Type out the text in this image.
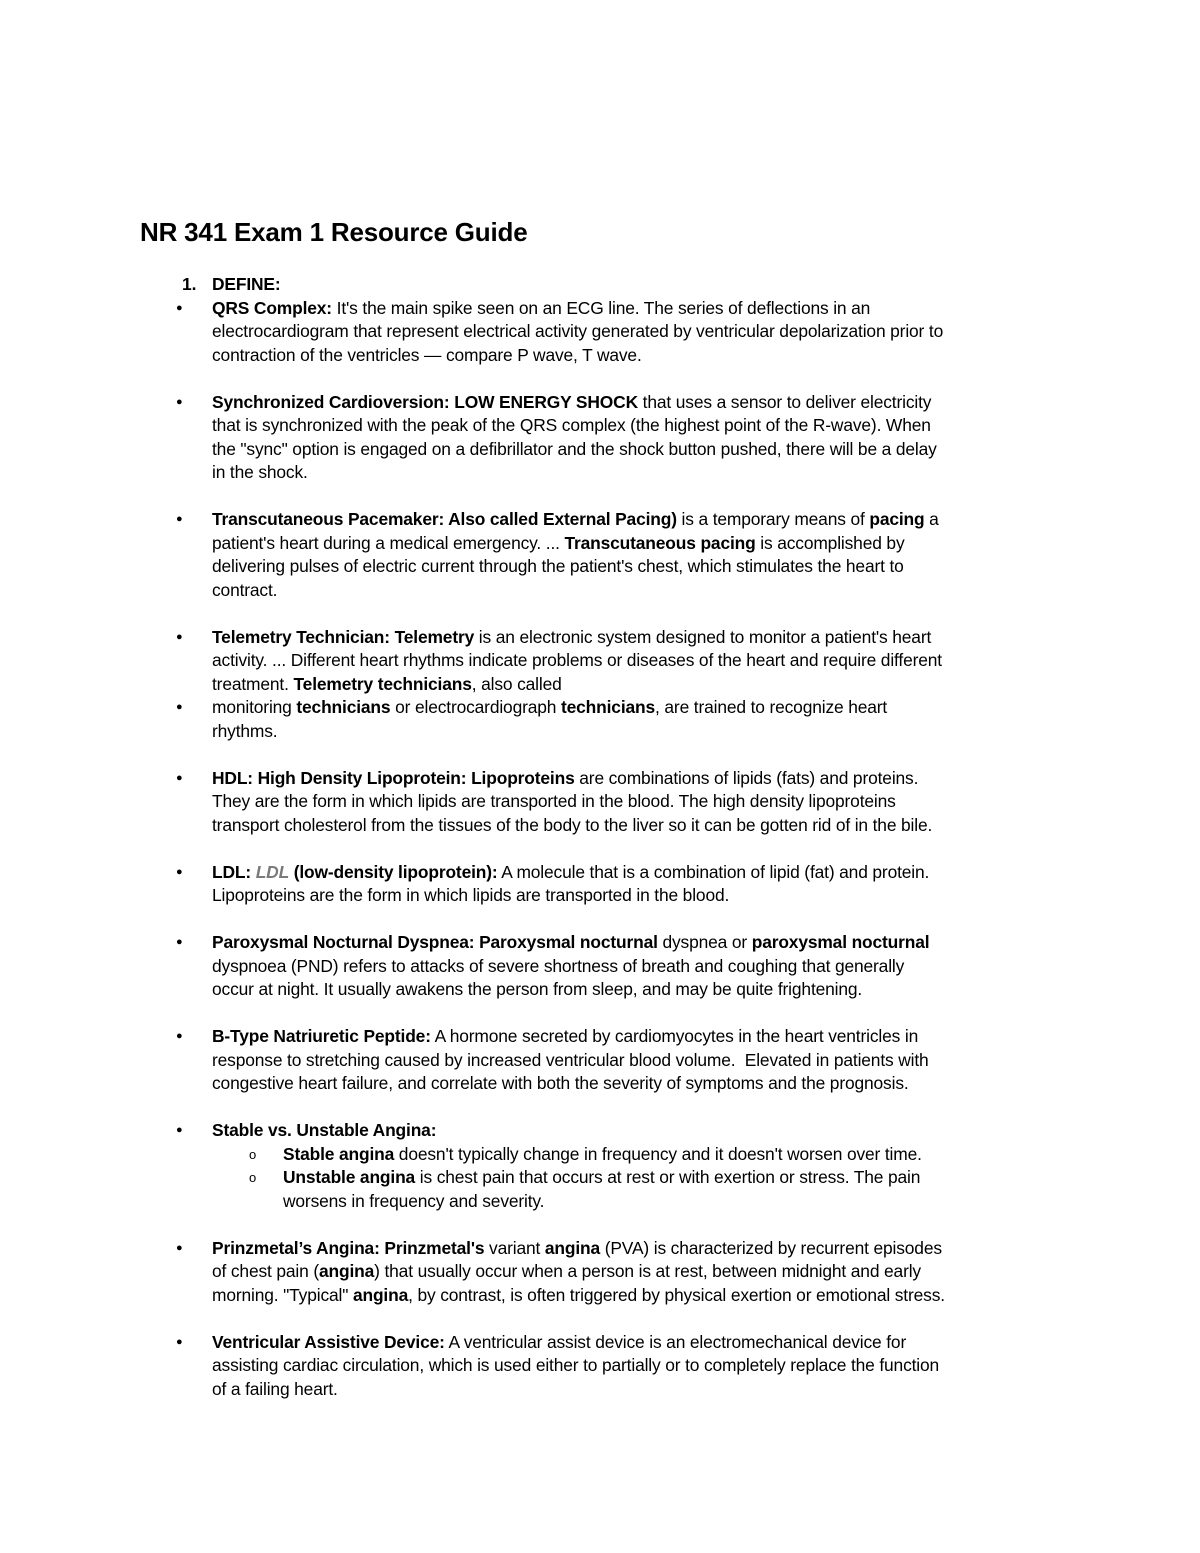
NR 341 Exam 1 Resource Guide
1. DEFINE:
●	QRS Complex: It's the main spike seen on an ECG line. The series of deflections in an
electrocardiogram that represent electrical activity generated by ventricular depolarization prior to
contraction of the ventricles — compare P wave, T wave.
●	Synchronized Cardioversion: LOW ENERGY SHOCK that uses a sensor to deliver electricity
that is synchronized with the peak of the QRS complex (the highest point of the R-wave). When
the "sync" option is engaged on a defibrillator and the shock button pushed, there will be a delay
in the shock.
●	Transcutaneous Pacemaker: Also called External Pacing) is a temporary means of pacing a
patient's heart during a medical emergency. ... Transcutaneous pacing is accomplished by
delivering pulses of electric current through the patient's chest, which stimulates the heart to
contract.
●	Telemetry Technician: Telemetry is an electronic system designed to monitor a patient's heart
activity. ... Different heart rhythms indicate problems or diseases of the heart and require different
treatment. Telemetry technicians, also called
●	monitoring technicians or electrocardiograph technicians, are trained to recognize heart
rhythms.
●	HDL: High Density Lipoprotein: Lipoproteins are combinations of lipids (fats) and proteins.
They are the form in which lipids are transported in the blood. The high density lipoproteins
transport cholesterol from the tissues of the body to the liver so it can be gotten rid of in the bile.
●	LDL: LDL (low-density lipoprotein): A molecule that is a combination of lipid (fat) and protein.
Lipoproteins are the form in which lipids are transported in the blood.
●	Paroxysmal Nocturnal Dyspnea: Paroxysmal nocturnal dyspnea or paroxysmal nocturnal
dyspnoea (PND) refers to attacks of severe shortness of breath and coughing that generally
occur at night. It usually awakens the person from sleep, and may be quite frightening.
●	B-Type Natriuretic Peptide: A hormone secreted by cardiomyocytes in the heart ventricles in
response to stretching caused by increased ventricular blood volume.  Elevated in patients with
congestive heart failure, and correlate with both the severity of symptoms and the prognosis.
●	Stable vs. Unstable Angina:
o	Stable angina doesn't typically change in frequency and it doesn't worsen over time.
o	Unstable angina is chest pain that occurs at rest or with exertion or stress. The pain
worsens in frequency and severity.
●	Prinzmetal’s Angina: Prinzmetal's variant angina (PVA) is characterized by recurrent episodes
of chest pain (angina) that usually occur when a person is at rest, between midnight and early
morning. "Typical" angina, by contrast, is often triggered by physical exertion or emotional stress.
●	Ventricular Assistive Device: A ventricular assist device is an electromechanical device for
assisting cardiac circulation, which is used either to partially or to completely replace the function
of a failing heart.
